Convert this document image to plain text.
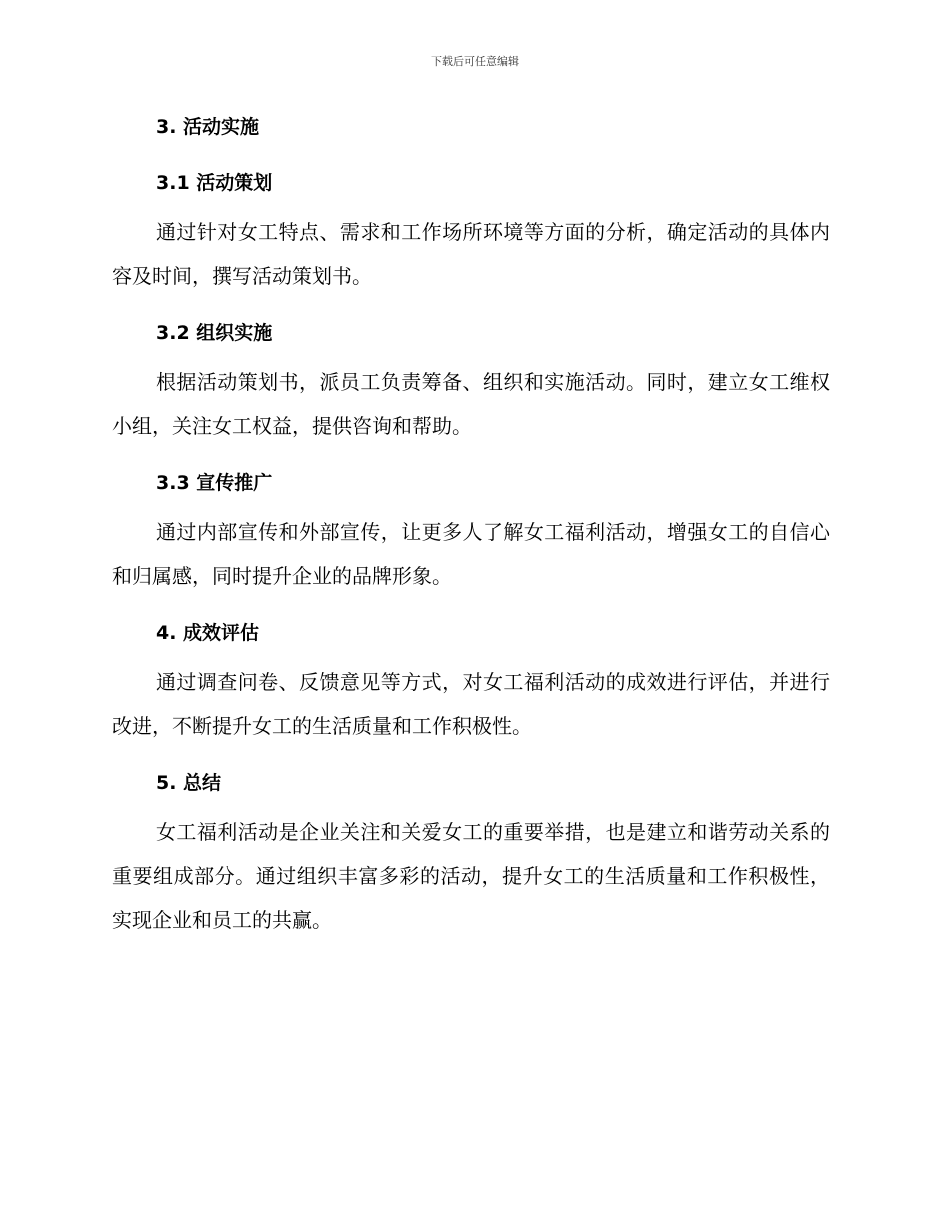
下载后可任意编辑
3. 活动实施
3.1 活动策划

通过针对女工特点、需求和工作场所环境等方面的分析，确定活动的具体内容及时间，撰写活动策划书。

3.2 组织实施

根据活动策划书，派员工负责筹备、组织和实施活动。同时，建立女工维权小组，关注女工权益，提供咨询和帮助。

3.3 宣传推广

通过内部宣传和外部宣传，让更多人了解女工福利活动，增强女工的自信心和归属感，同时提升企业的品牌形象。

4. 成效评估

通过调查问卷、反馈意见等方式，对女工福利活动的成效进行评估，并进行改进，不断提升女工的生活质量和工作积极性。

5. 总结

女工福利活动是企业关注和关爱女工的重要举措，也是建立和谐劳动关系的重要组成部分。通过组织丰富多彩的活动，提升女工的生活质量和工作积极性，实现企业和员工的共赢。
